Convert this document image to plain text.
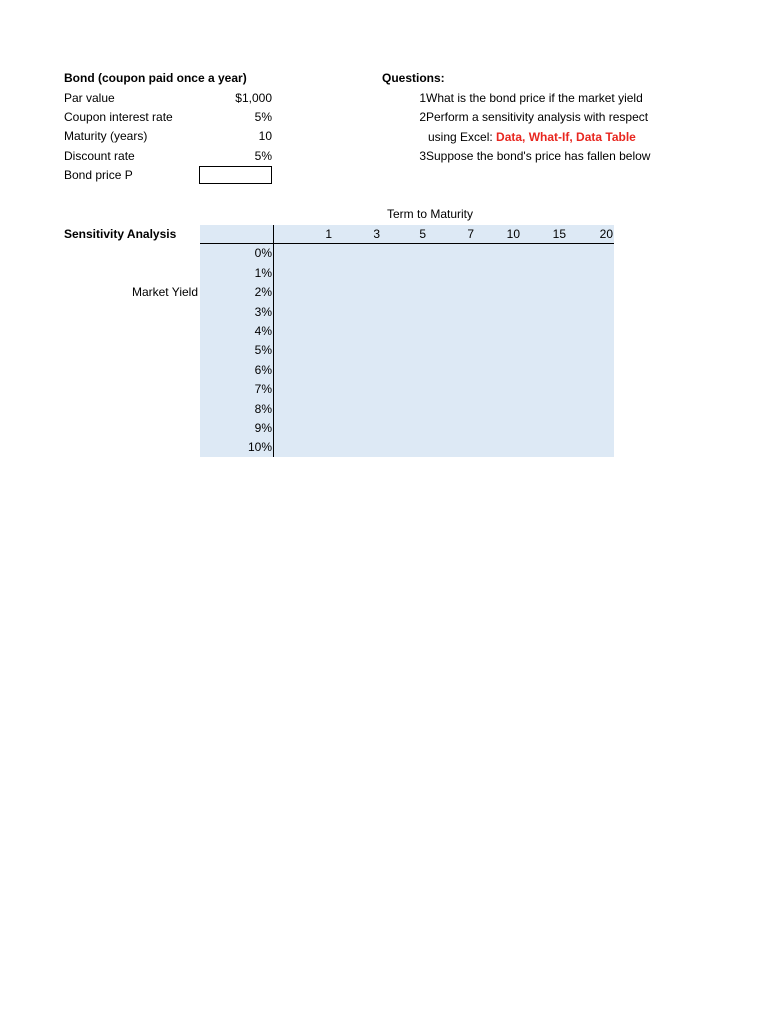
Bond (coupon paid once a year)
Par value	$1,000
Coupon interest rate	5%
Maturity (years)	10
Discount rate	5%
Bond price P
Questions:
1What is the bond price if the market yield
2Perform a sensitivity analysis with respect
using Excel: Data, What-If, Data Table
3Suppose the bond's price has fallen below
Term to Maturity
Sensitivity Analysis	1	3	5	7	10	15	20
Market Yield
0%
1%
2%
3%
4%
5%
6%
7%
8%
9%
10%
